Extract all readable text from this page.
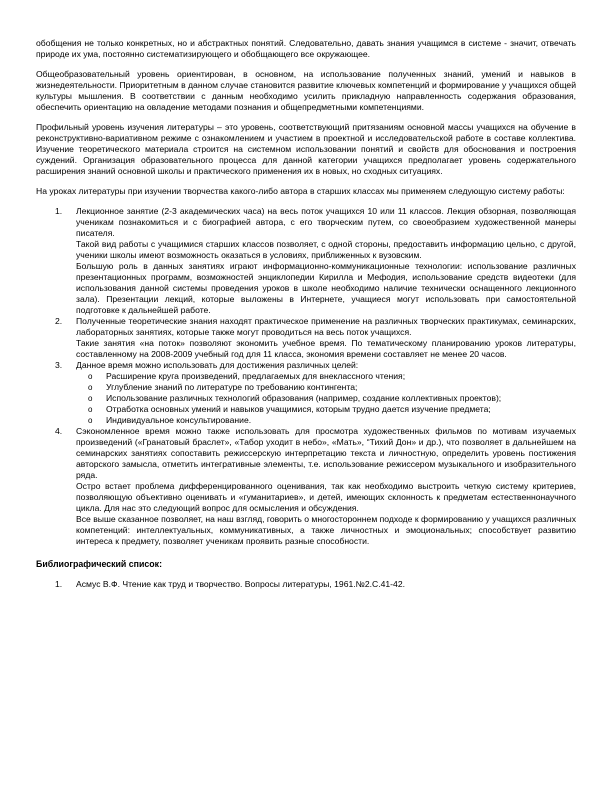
обобщения не только конкретных, но и абстрактных понятий. Следовательно, давать знания учащимся в системе - значит, отвечать природе их ума, постоянно систематизирующего и обобщающего все окружающее.

Общеобразовательный уровень ориентирован, в основном, на использование полученных знаний, умений и навыков в жизнедеятельности. Приоритетным в данном случае становится развитие ключевых компетенций и формирование у учащихся общей культуры мышления. В соответствии с данным необходимо усилить прикладную направленность содержания образования, обеспечить ориентацию на овладение методами познания и общепредметными компетенциями.

Профильный уровень изучения литературы – это уровень, соответствующий притязаниям основной массы учащихся на обучение в реконструктивно-вариативном режиме с ознакомлением и участием в проектной и исследовательской работе в составе коллектива. Изучение теоретического материала строится на системном использовании понятий и свойств для обоснования и построения суждений. Организация образовательного процесса для данной категории учащихся предполагает уровень содержательного расширения знаний основной школы и практического применения их в новых, но сходных ситуациях.

На уроках литературы при изучении творчества какого-либо автора в старших классах мы применяем следующую систему работы:

1. Лекционное занятие (2-3 академических часа) на весь поток учащихся 10 или 11 классов. Лекция обзорная, позволяющая ученикам познакомиться и с биографией автора, с его творческим путем, со своеобразием художественной манеры писателя.
Такой вид работы с учащимися старших классов позволяет, с одной стороны, предоставить информацию цельно, с другой, ученики школы имеют возможность оказаться в условиях, приближенных к вузовским.
Большую роль в данных занятиях играют информационно-коммуникационные технологии: использование различных презентационных программ, возможностей энциклопедии Кирилла и Мефодия, использование средств видеотеки (для использования данной системы проведения уроков в школе необходимо наличие технически оснащенного лекционного зала). Презентации лекций, которые выложены в Интернете, учащиеся могут использовать при самостоятельной подготовке к дальнейшей работе.
2. Полученные теоретические знания находят практическое применение на различных творческих практикумах, семинарских, лабораторных занятиях, которые также могут проводиться на весь поток учащихся.
Такие занятия «на поток» позволяют экономить учебное время. По тематическому планированию уроков литературы, составленному на 2008-2009 учебный год для 11 класса, экономия времени составляет не менее 20 часов.
3. Данное время можно использовать для достижения различных целей:
o Расширение круга произведений, предлагаемых для внеклассного чтения;
o Углубление знаний по литературе по требованию контингента;
o Использование различных технологий образования (например, создание коллективных проектов);
o Отработка основных умений и навыков учащимися, которым трудно дается изучение предмета;
o Индивидуальное консультирование.
4. Сэкономленное время можно также использовать для просмотра художественных фильмов по мотивам изучаемых произведений («Гранатовый браслет», «Табор уходит в небо», «Мать», “Тихий Дон» и др.), что позволяет в дальнейшем на семинарских занятиях сопоставить режиссерскую интерпретацию текста и личностную, определить уровень постижения авторского замысла, отметить интегративные элементы, т.е. использование режиссером музыкального и изобразительного ряда.
Остро встает проблема дифференцированного оценивания, так как необходимо выстроить четкую систему критериев, позволяющую объективно оценивать и «гуманитариев», и детей, имеющих склонность к предметам естественнонаучного цикла. Для нас это следующий вопрос для осмысления и обсуждения.
Все выше сказанное позволяет, на наш взгляд, говорить о многостороннем подходе к формированию у учащихся различных компетенций: интеллектуальных, коммуникативных, а также личностных и эмоциональных; способствует развитию интереса к предмету, позволяет ученикам проявить разные способности.
Библиографический список:
1. Асмус В.Ф. Чтение как труд и творчество. Вопросы литературы, 1961.№2.С.41-42.
